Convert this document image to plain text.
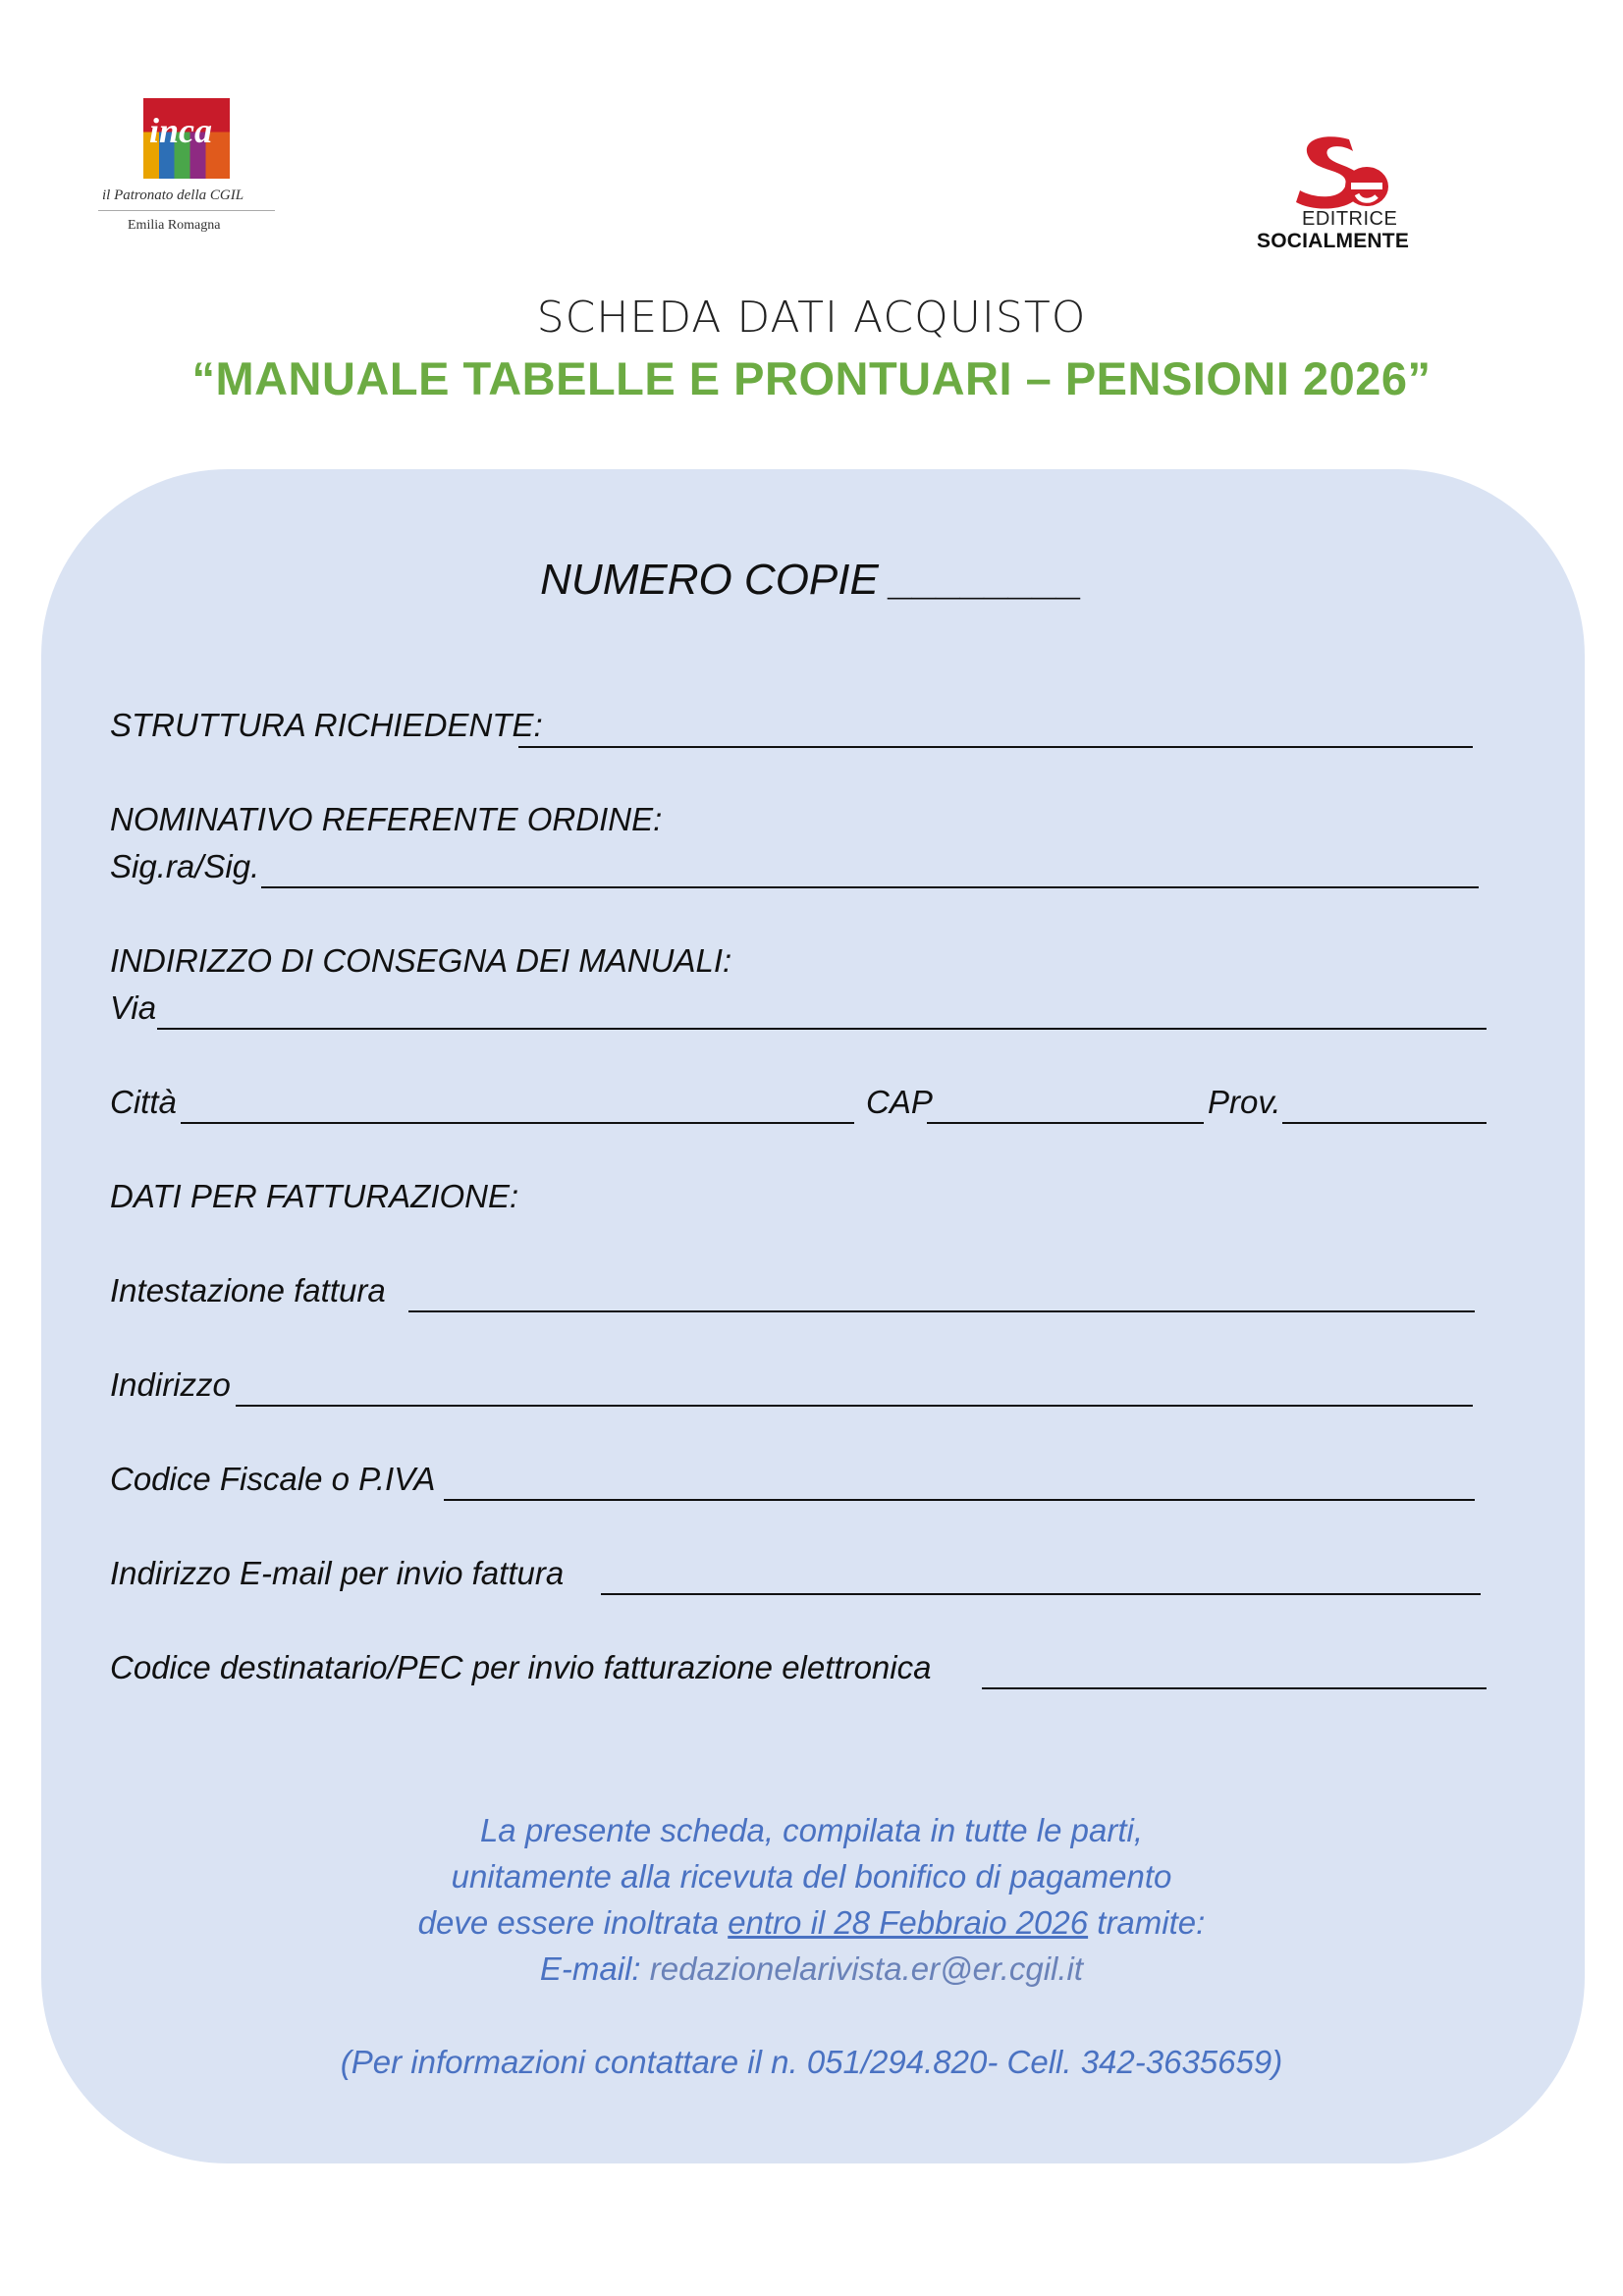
inca
il Patronato della CGIL
Emilia Romagna	EDITRICE
SOCIALMENTE
SCHEDA DATI ACQUISTO
“MANUALE TABELLE E PRONTUARI – PENSIONI 2026”
NUMERO COPIE ________
STRUTTURA RICHIEDENTE:
NOMINATIVO REFERENTE ORDINE:
Sig.ra/Sig.
INDIRIZZO DI CONSEGNA DEI MANUALI:
Via
Città	CAP	Prov.
DATI PER FATTURAZIONE:
Intestazione fattura
Indirizzo
Codice Fiscale o P.IVA
Indirizzo E-mail per invio fattura
Codice destinatario/PEC per invio fatturazione elettronica
La presente scheda, compilata in tutte le parti,
unitamente alla ricevuta del bonifico di pagamento
deve essere inoltrata entro il 28 Febbraio 2026 tramite:
E-mail: redazionelarivista.er@er.cgil.it
(Per informazioni contattare il n. 051/294.820- Cell. 342-3635659)
